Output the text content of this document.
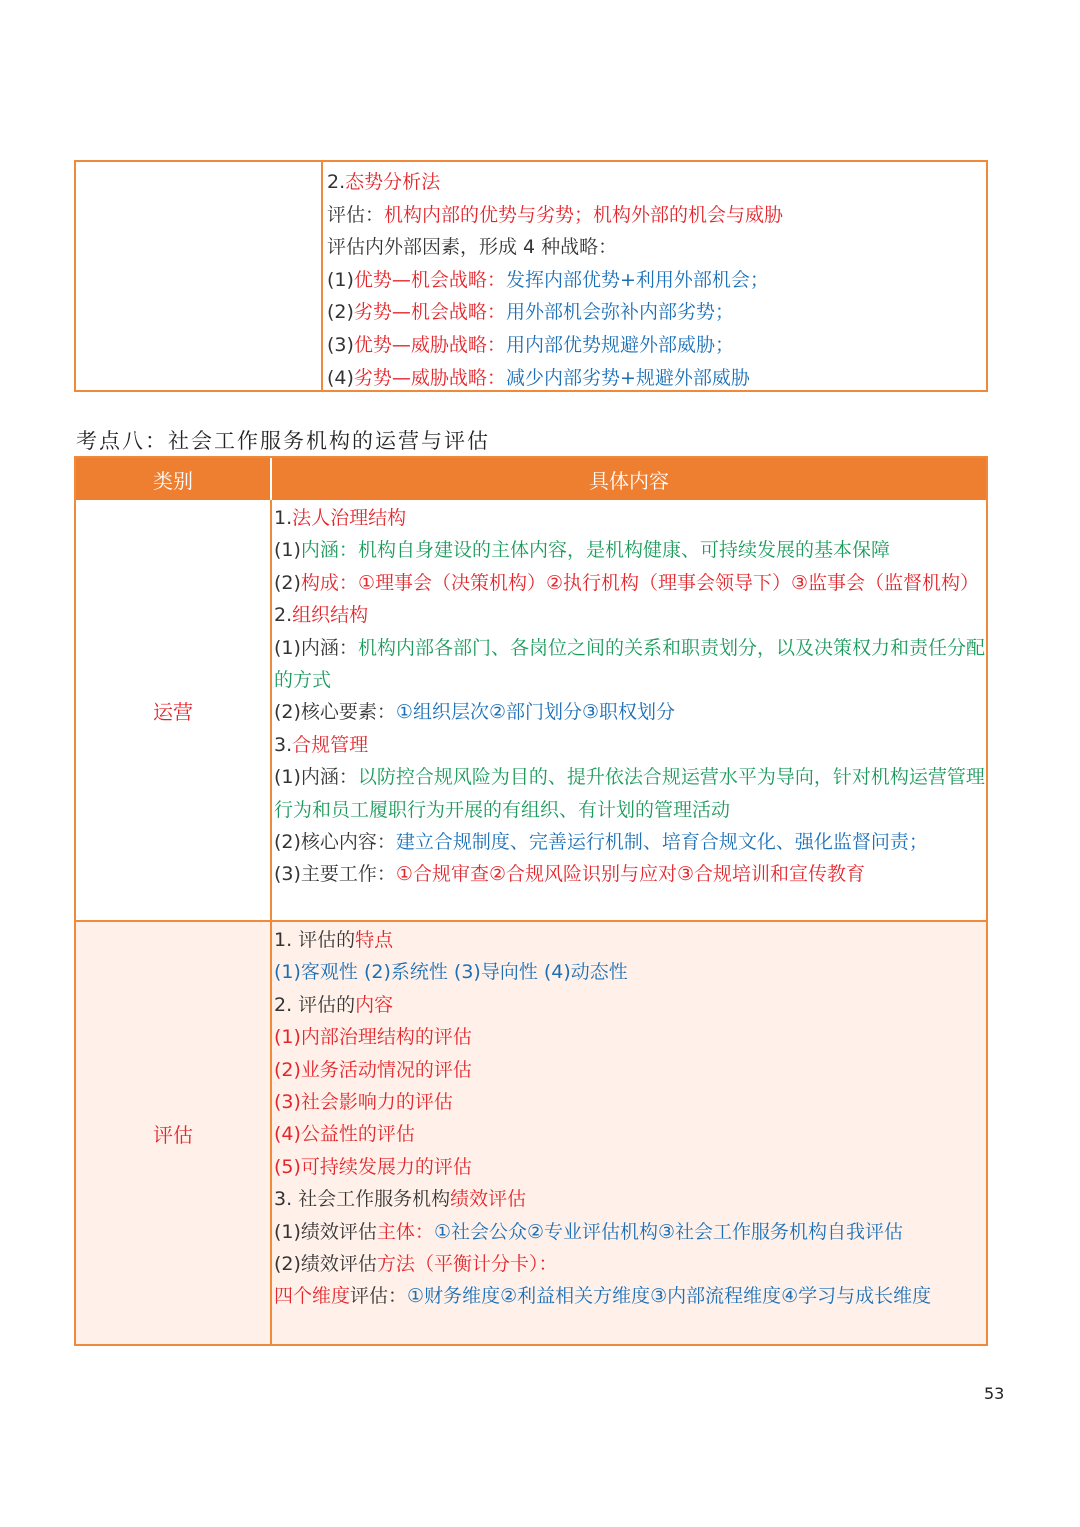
2.态势分析法
评估：机构内部的优势与劣势；机构外部的机会与威胁
评估内外部因素，形成 4 种战略：
(1)优势—机会战略：发挥内部优势+利用外部机会；
(2)劣势—机会战略：用外部机会弥补内部劣势；
(3)优势—威胁战略：用内部优势规避外部威胁；
(4)劣势—威胁战略：减少内部劣势+规避外部威胁
考点八：社会工作服务机构的运营与评估
类别	具体内容
运营
1.法人治理结构
(1)内涵：机构自身建设的主体内容，是机构健康、可持续发展的基本保障
(2)构成：①理事会（决策机构）②执行机构（理事会领导下）③监事会（监督机构）
2.组织结构
(1)内涵：机构内部各部门、各岗位之间的关系和职责划分，以及决策权力和责任分配的方式
(2)核心要素：①组织层次②部门划分③职权划分
3.合规管理
(1)内涵：以防控合规风险为目的、提升依法合规运营水平为导向，针对机构运营管理行为和员工履职行为开展的有组织、有计划的管理活动
(2)核心内容：建立合规制度、完善运行机制、培育合规文化、强化监督问责；
(3)主要工作：①合规审查②合规风险识别与应对③合规培训和宣传教育
评估
1. 评估的特点
(1)客观性 (2)系统性 (3)导向性 (4)动态性
2. 评估的内容
(1)内部治理结构的评估
(2)业务活动情况的评估
(3)社会影响力的评估
(4)公益性的评估
(5)可持续发展力的评估
3. 社会工作服务机构绩效评估
(1)绩效评估主体：①社会公众②专业评估机构③社会工作服务机构自我评估
(2)绩效评估方法（平衡计分卡）：
四个维度评估：①财务维度②利益相关方维度③内部流程维度④学习与成长维度
53
